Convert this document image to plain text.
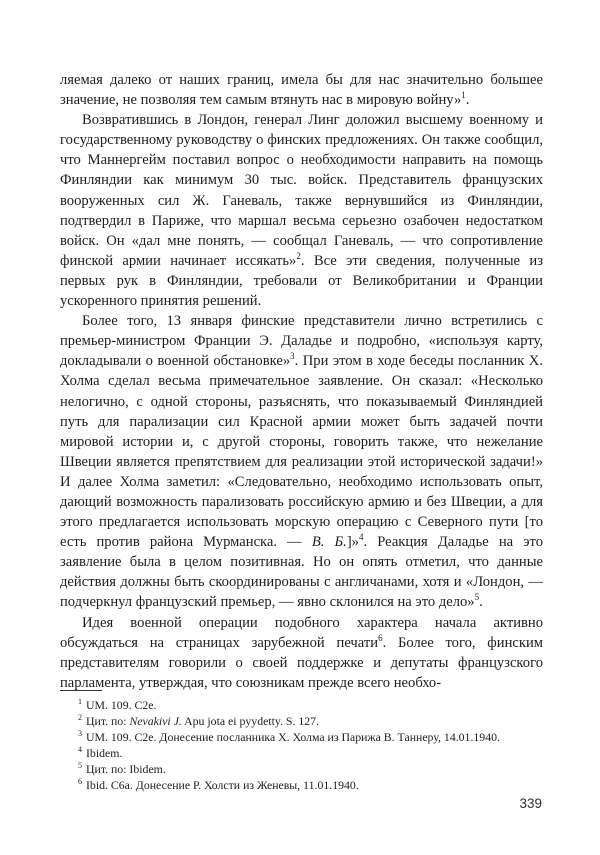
ляемая далеко от наших границ, имела бы для нас значительно большее значение, не позволяя тем самым втянуть нас в мировую войну»$^1$.

Возвратившись в Лондон, генерал Линг доложил высшему военному и государственному руководству о финских предложениях. Он также сообщил, что Маннергейм поставил вопрос о необходимости направить на помощь Финляндии как минимум 30 тыс. войск. Представитель французских вооруженных сил Ж. Ганеваль, также вернувшийся из Финляндии, подтвердил в Париже, что маршал весьма серьезно озабочен недостатком войск. Он «дал мне понять, — сообщал Ганеваль, — что сопротивление финской армии начинает иссякать»$^2$. Все эти сведения, полученные из первых рук в Финляндии, требовали от Великобритании и Франции ускоренного принятия решений.

Более того, 13 января финские представители лично встретились с премьер-министром Франции Э. Даладье и подробно, «используя карту, докладывали о военной обстановке»$^3$. При этом в ходе беседы посланник Х. Холма сделал весьма примечательное заявление. Он сказал: «Несколько нелогично, с одной стороны, разъяснять, что показываемый Финляндией путь для парализации сил Красной армии может быть задачей почти мировой истории и, с другой стороны, говорить также, что нежелание Швеции является препятствием для реализации этой исторической задачи!» И далее Холма заметил: «Следовательно, необходимо использовать опыт, дающий возможность парализовать российскую армию и без Швеции, а для этого предлагается использовать морскую операцию с Северного пути [то есть против района Мурманска. — В. Б.]»$^4$. Реакция Даладье на это заявление была в целом позитивная. Но он опять отметил, что данные действия должны быть скоординированы с англичанами, хотя и «Лондон, — подчеркнул французский премьер, — явно склонился на это дело»$^5$.

Идея военной операции подобного характера начала активно обсуждаться на страницах зарубежной печати$^6$. Более того, финским представителям говорили о своей поддержке и депутаты французского парламента, утверждая, что союзникам прежде всего необхо-

$^1$ UM. 109. C2e.
$^2$ Цит. по: Nevakivi J. Apu jota ei pyydetty. S. 127.
$^3$ UM. 109. C2e. Донесение посланника Х. Холма из Парижа В. Таннеру, 14.01.1940.
$^4$ Ibidem.
$^5$ Цит. по: Ibidem.
$^6$ Ibid. C6a. Донесение Р. Холсти из Женевы, 11.01.1940.
339
